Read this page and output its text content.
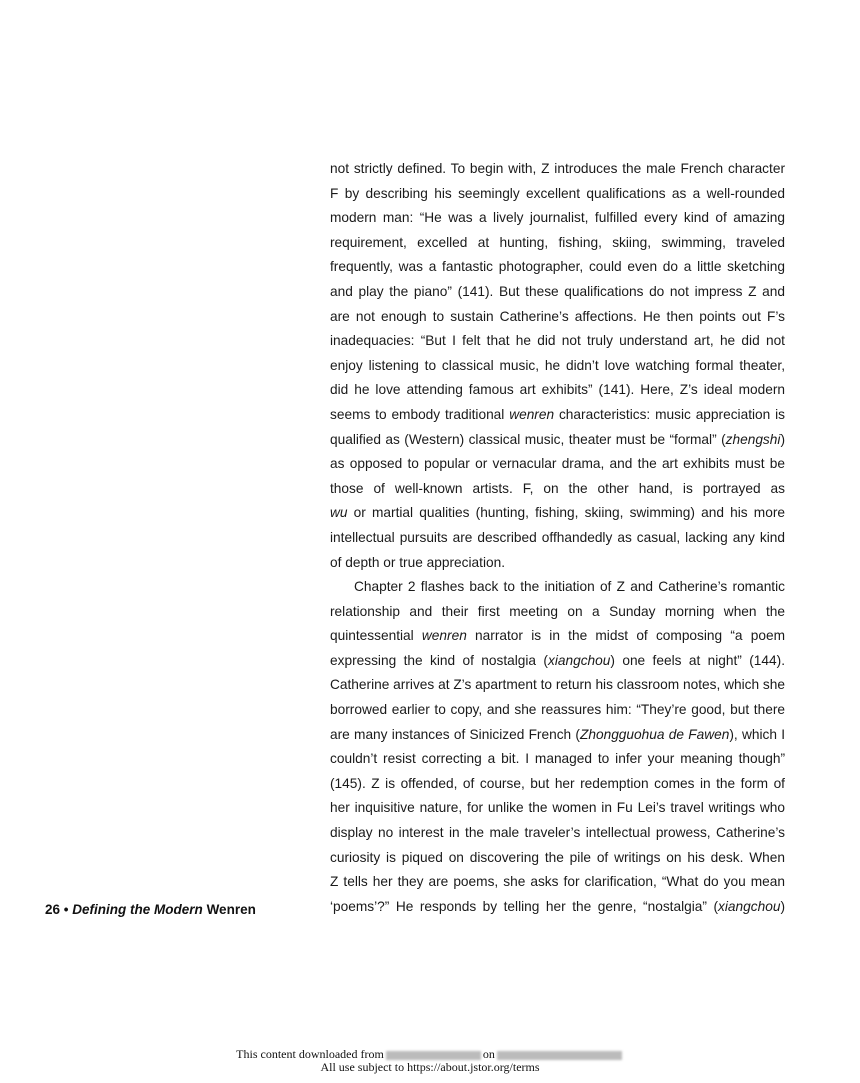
not strictly defined. To begin with, Z introduces the male French character
F by describing his seemingly excellent qualifications as a well-rounded
modern man: “He was a lively journalist, fulfilled every kind of amazing
requirement, excelled at hunting, fishing, skiing, swimming, traveled
frequently, was a fantastic photographer, could even do a little sketching
and play the piano” (141). But these qualifications do not impress Z and
are not enough to sustain Catherine’s affections. He then points out F’s
inadequacies: “But I felt that he did not truly understand art, he did not
enjoy listening to classical music, he didn’t love watching formal theater,
did he love attending famous art exhibits” (141). Here, Z’s ideal modern
seems to embody traditional wenren characteristics: music appreciation is
qualified as (Western) classical music, theater must be “formal” (zhengshi)
as opposed to popular or vernacular drama, and the art exhibits must be
those of well-known artists. F, on the other hand, is portrayed as
wu or martial qualities (hunting, fishing, skiing, swimming) and his more
intellectual pursuits are described offhandedly as casual, lacking any kind
of depth or true appreciation.
Chapter 2 flashes back to the initiation of Z and Catherine’s romantic
relationship and their first meeting on a Sunday morning when the
quintessential wenren narrator is in the midst of composing “a poem
expressing the kind of nostalgia (xiangchou) one feels at night” (144).
Catherine arrives at Z’s apartment to return his classroom notes, which she
borrowed earlier to copy, and she reassures him: “They’re good, but there
are many instances of Sinicized French (Zhongguohua de Fawen), which I
couldn’t resist correcting a bit. I managed to infer your meaning though”
(145). Z is offended, of course, but her redemption comes in the form of
her inquisitive nature, for unlike the women in Fu Lei’s travel writings who
display no interest in the male traveler’s intellectual prowess, Catherine’s
curiosity is piqued on discovering the pile of writings on his desk. When
Z tells her they are poems, she asks for clarification, “What do you mean
‘poems’?” He responds by telling her the genre, “nostalgia” (xiangchou)
26 • Defining the Modern Wenren
This content downloaded from	on
All use subject to https://about.jstor.org/terms
